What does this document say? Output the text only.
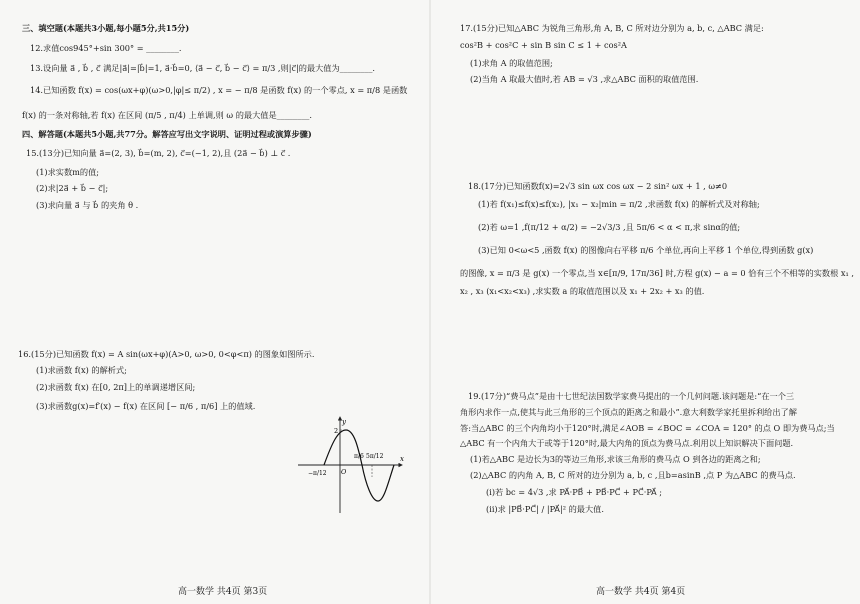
三、填空题(本题共3小题,每小题5分,共15分)
12.求值cos945°+sin 300° = ________.
13.设向量 a⃗ , b⃗ , c⃗ 满足|a⃗|=|b⃗|=1, a⃗·b⃗=0, ⟨a⃗ − c⃗, b⃗ − c⃗⟩ = π/3 ,则|c⃗|的最大值为________.
14.已知函数 f(x) = cos(ωx+φ)(ω>0,|φ|≤ π/2) , x = − π/8 是函数 f(x) 的一个零点, x = π/8 是函数
f(x) 的一条对称轴,若 f(x) 在区间 (π/5 , π/4) 上单调,则 ω 的最大值是________.
四、解答题(本题共5小题,共77分。解答应写出文字说明、证明过程或演算步骤)
15.(13分)已知向量 a⃗=(2, 3), b⃗=(m, 2), c⃗=(−1, 2),且 (2a⃗ − b⃗) ⊥ c⃗ .
(1)求实数m的值;
(2)求|2a⃗ + b⃗ − c⃗|;
(3)求向量 a⃗ 与 b⃗ 的夹角 θ .
16.(15分)已知函数 f(x) = A sin(ωx+φ)(A>0, ω>0, 0<φ<π) 的图象如图所示.
(1)求函数 f(x) 的解析式;
(2)求函数 f(x) 在[0, 2π]上的单调递增区间;
(3)求函数g(x)=f′(x) − f(x) 在区间 [− π/6 , π/6] 上的值域.
y
x
O
2
−π/12
π/6 5π/12
高一数学 共4页 第3页
17.(15分)已知△ABC 为锐角三角形,角 A, B, C 所对边分别为 a, b, c, △ABC 满足:
cos²B + cos²C + sin B sin C ≤ 1 + cos²A
(1)求角 A 的取值范围;
(2)当角 A 取最大值时,若 AB = √3 ,求△ABC 面积的取值范围.
18.(17分)已知函数f(x)=2√3 sin ωx cos ωx − 2 sin² ωx + 1 , ω≠0
(1)若 f(x₁)≤f(x)≤f(x₂), |x₁ − x₂|min = π/2 ,求函数 f(x) 的解析式及对称轴;
(2)若 ω=1 ,f(π/12 + α/2) = −2√3/3 ,且 5π/6 < α < π,求 sinα的值;
(3)已知 0<ω<5 ,函数 f(x) 的图像向右平移 π/6 个单位,再向上平移 1 个单位,得到函数 g(x)
的图像, x = π/3 是 g(x) 一个零点,当 x∈[π/9, 17π/36] 时,方程 g(x) − a = 0 恰有三个不相等的实数根 x₁ ,
x₂ , x₃ (x₁<x₂<x₃) ,求实数 a 的取值范围以及 x₁ + 2x₂ + x₃ 的值.
19.(17分)“费马点”是由十七世纪法国数学家费马提出的一个几何问题.该问题是:“在一个三
角形内求作一点,使其与此三角形的三个顶点的距离之和最小”.意大利数学家托里拆利给出了解
答:当△ABC 的三个内角均小于120°时,满足∠AOB = ∠BOC = ∠COA = 120° 的点 O 即为费马点;当
△ABC 有一个内角大于或等于120°时,最大内角的顶点为费马点.利用以上知识解决下面问题.
(1)若△ABC 是边长为3的等边三角形,求该三角形的费马点 O 到各边的距离之和;
(2)△ABC 的内角 A, B, C 所对的边分别为 a, b, c ,且b=asinB ,点 P 为△ABC 的费马点.
(i)若 bc = 4√3 ,求 PA⃗·PB⃗ + PB⃗·PC⃗ + PC⃗·PA⃗ ;
(ii)求 |PB⃗·PC⃗| / |PA⃗|² 的最大值.
高一数学 共4页 第4页
